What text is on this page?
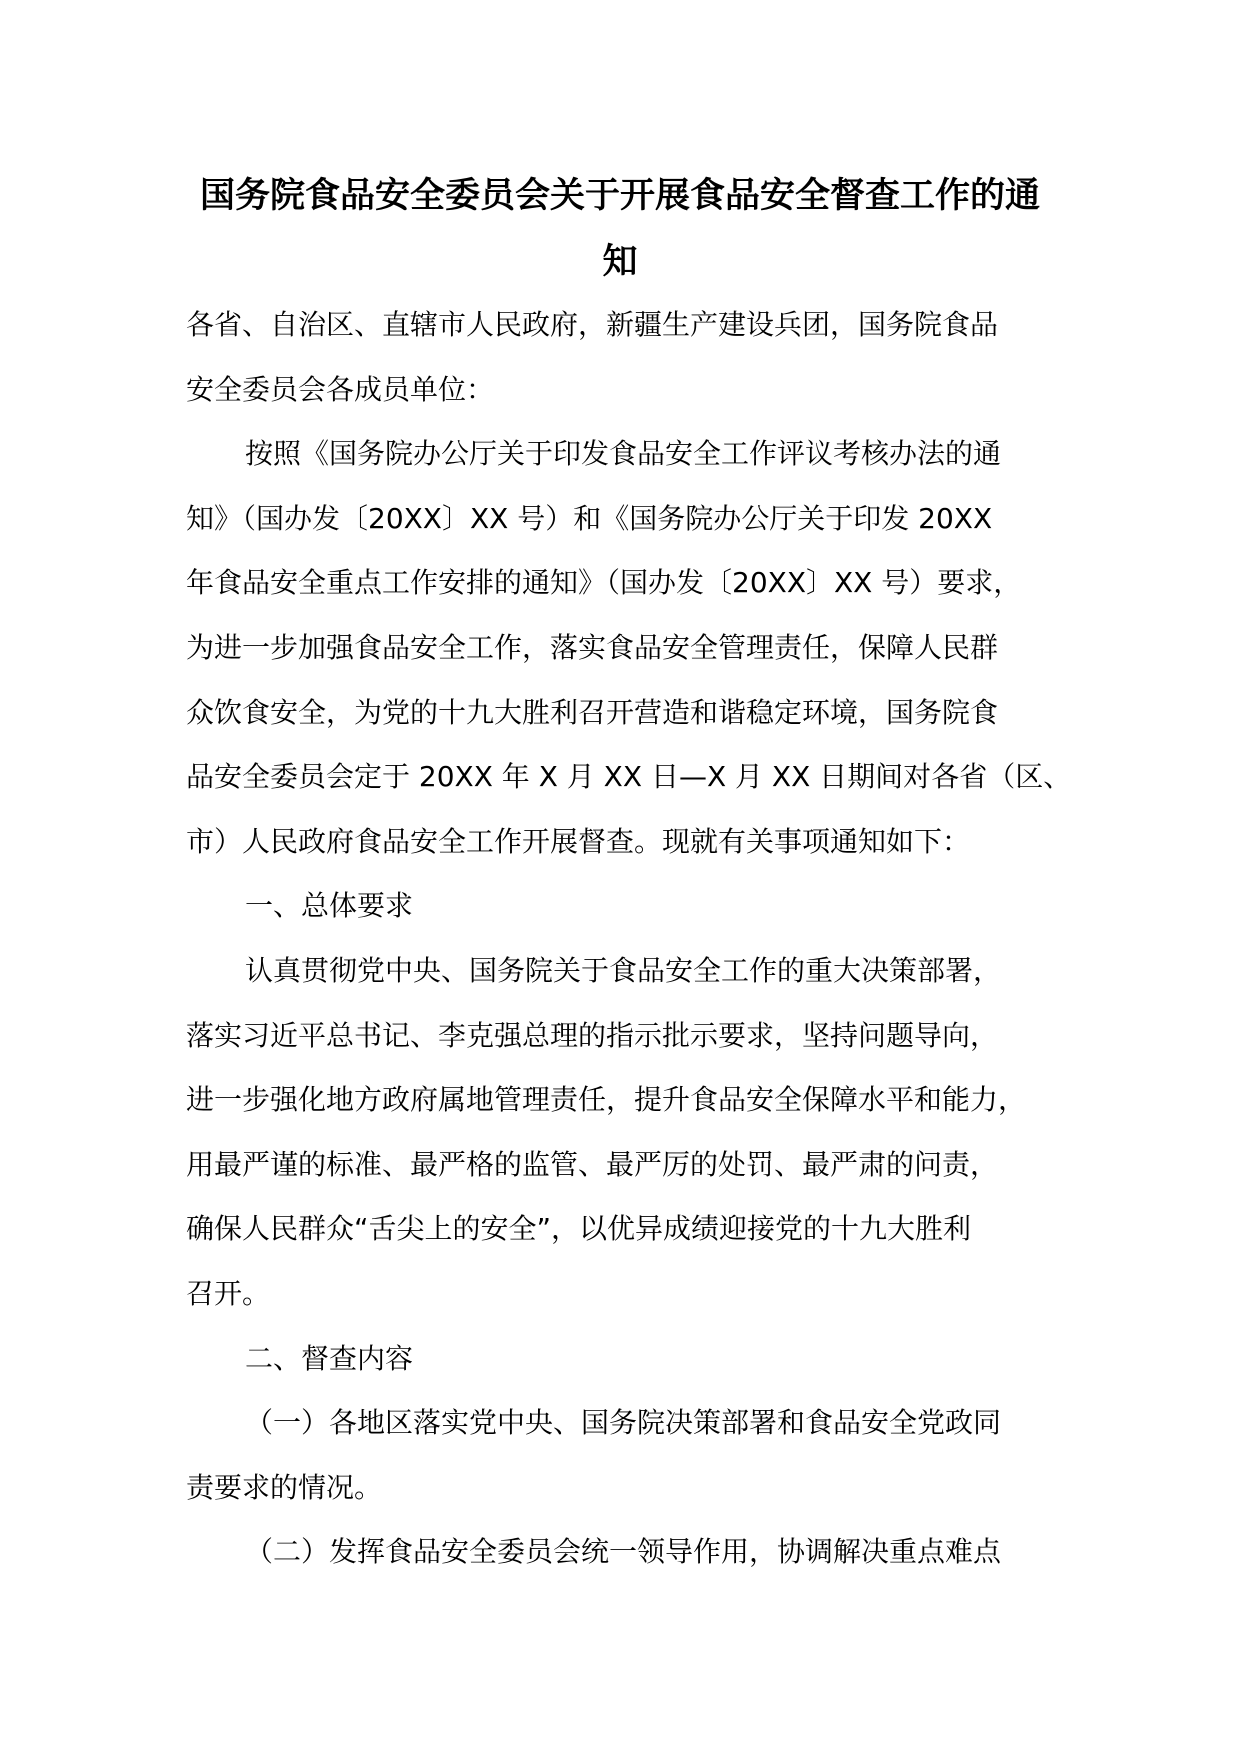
国务院食品安全委员会关于开展食品安全督查工作的通
知
各省、自治区、直辖市人民政府，新疆生产建设兵团，国务院食品
安全委员会各成员单位：
按照《国务院办公厅关于印发食品安全工作评议考核办法的通
知》（国办发〔20XX〕XX 号）和《国务院办公厅关于印发 20XX
年食品安全重点工作安排的通知》（国办发〔20XX〕XX 号）要求，
为进一步加强食品安全工作，落实食品安全管理责任，保障人民群
众饮食安全，为党的十九大胜利召开营造和谐稳定环境，国务院食
品安全委员会定于 20XX 年 X 月 XX 日—X 月 XX 日期间对各省（区、
市）人民政府食品安全工作开展督查。现就有关事项通知如下：
一、总体要求
认真贯彻党中央、国务院关于食品安全工作的重大决策部署，
落实习近平总书记、李克强总理的指示批示要求，坚持问题导向，
进一步强化地方政府属地管理责任，提升食品安全保障水平和能力，
用最严谨的标准、最严格的监管、最严厉的处罚、最严肃的问责，
确保人民群众“舌尖上的安全”，以优异成绩迎接党的十九大胜利
召开。
二、督查内容
（一）各地区落实党中央、国务院决策部署和食品安全党政同
责要求的情况。
（二）发挥食品安全委员会统一领导作用，协调解决重点难点
